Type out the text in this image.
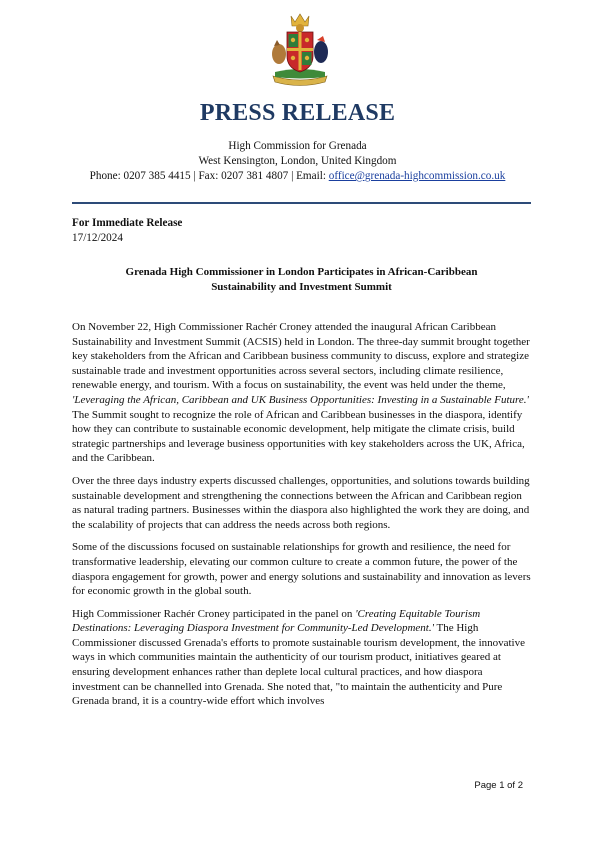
PRESS RELEASE
High Commission for Grenada
West Kensington, London, United Kingdom
Phone: 0207 385 4415 | Fax: 0207 381 4807 | Email: office@grenada-highcommission.co.uk
For Immediate Release
17/12/2024
Grenada High Commissioner in London Participates in African-Caribbean
Sustainability and Investment Summit

On November 22, High Commissioner Rachér Croney attended the inaugural African Caribbean Sustainability and Investment Summit (ACSIS) held in London. The three-day summit brought together key stakeholders from the African and Caribbean business community to discuss, explore and strategize sustainable trade and investment opportunities across several sectors, including climate resilience, renewable energy, and tourism. With a focus on sustainability, the event was held under the theme, 'Leveraging the African, Caribbean and UK Business Opportunities: Investing in a Sustainable Future.' The Summit sought to recognize the role of African and Caribbean businesses in the diaspora, identify how they can contribute to sustainable economic development, help mitigate the climate crisis, build strategic partnerships and leverage business opportunities with key stakeholders across the UK, Africa, and the Caribbean.

Over the three days industry experts discussed challenges, opportunities, and solutions towards building sustainable development and strengthening the connections between the African and Caribbean region as natural trading partners. Businesses within the diaspora also highlighted the work they are doing, and the scalability of projects that can address the needs across both regions.

Some of the discussions focused on sustainable relationships for growth and resilience, the need for transformative leadership, elevating our common culture to create a common future, the power of the diaspora engagement for growth, power and energy solutions and sustainability and innovation as levers for economic growth in the global south.

High Commissioner Rachér Croney participated in the panel on 'Creating Equitable Tourism Destinations: Leveraging Diaspora Investment for Community-Led Development.' The High Commissioner discussed Grenada's efforts to promote sustainable tourism development, the innovative ways in which communities maintain the authenticity of our tourism product, initiatives geared at ensuring development enhances rather than deplete local cultural practices, and how diaspora investment can be channelled into Grenada. She noted that, "to maintain the authenticity and Pure Grenada brand, it is a country-wide effort which involves

Page 1 of 2
